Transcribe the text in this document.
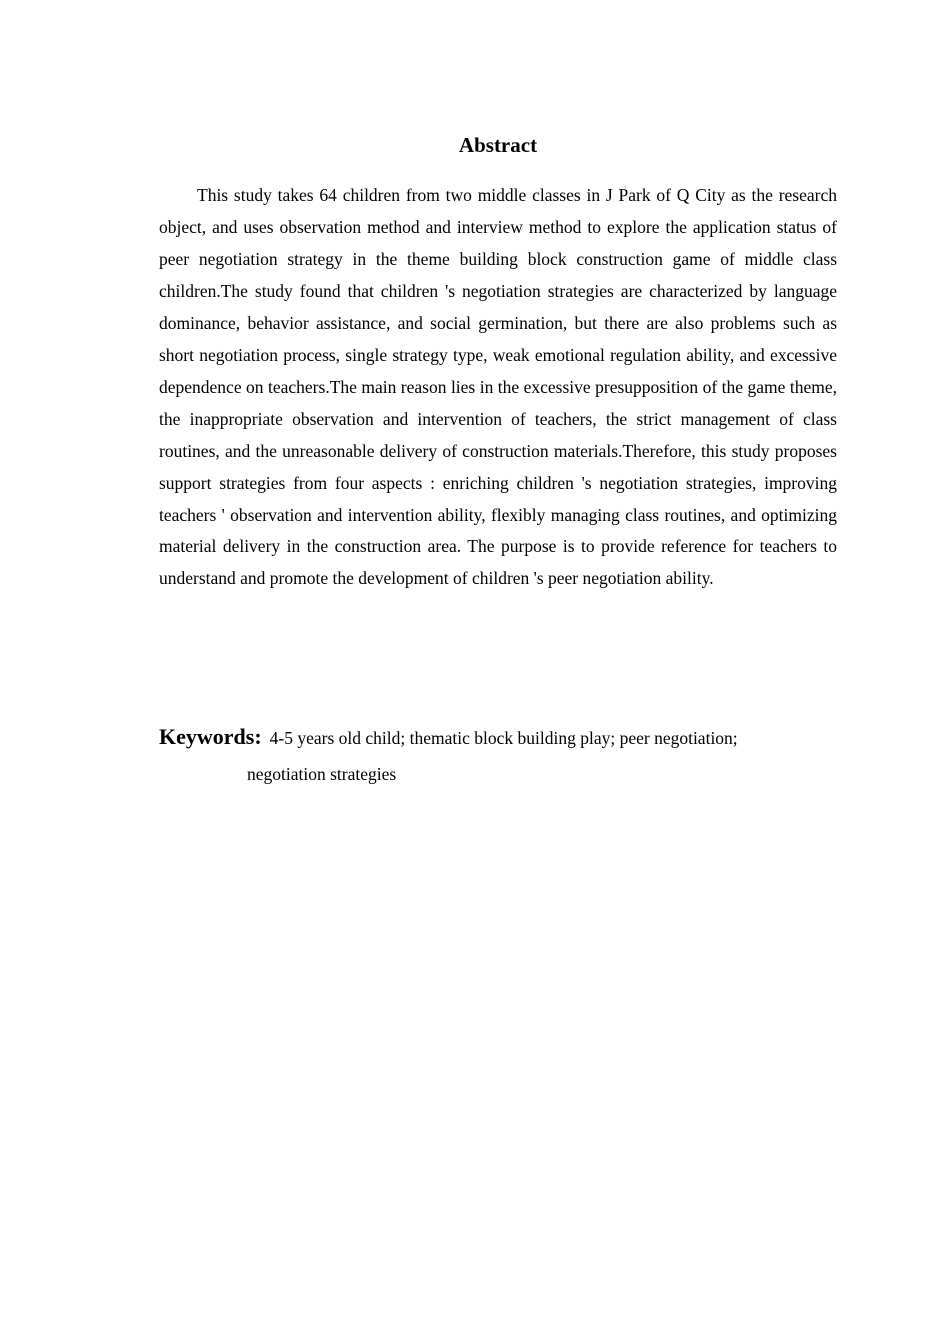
Abstract

This study takes 64 children from two middle classes in J Park of Q City as the research object, and uses observation method and interview method to explore the application status of peer negotiation strategy in the theme building block construction game of middle class children.The study found that children 's negotiation strategies are characterized by language dominance, behavior assistance, and social germination, but there are also problems such as short negotiation process, single strategy type, weak emotional regulation ability, and excessive dependence on teachers.The main reason lies in the excessive presupposition of the game theme, the inappropriate observation and intervention of teachers, the strict management of class routines, and the unreasonable delivery of construction materials.Therefore, this study proposes support strategies from four aspects : enriching children 's negotiation strategies, improving teachers ' observation and intervention ability, flexibly managing class routines, and optimizing material delivery in the construction area. The purpose is to provide reference for teachers to understand and promote the development of children 's peer negotiation ability.

Keywords: 4-5 years old child; thematic block building play; peer negotiation;
negotiation strategies
